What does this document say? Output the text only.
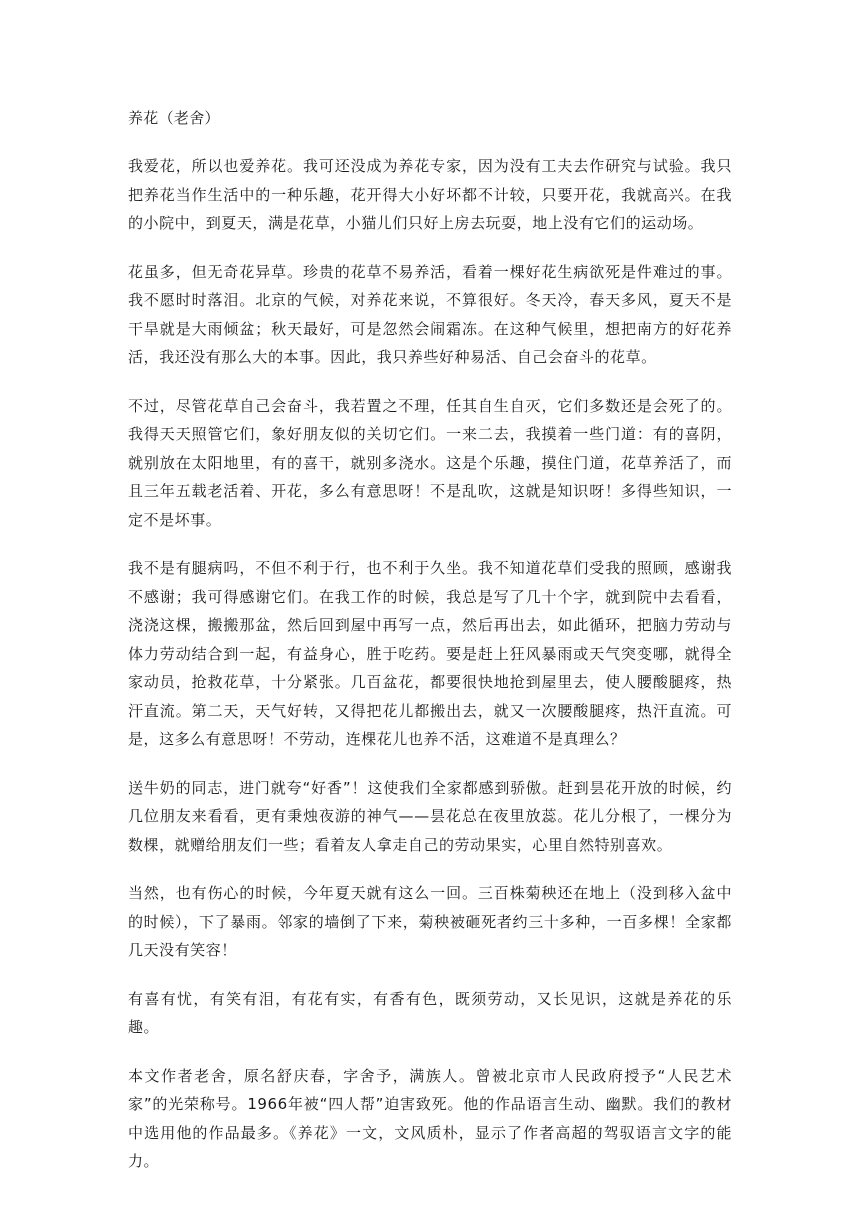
养花（老舍）

我爱花，所以也爱养花。我可还没成为养花专家，因为没有工夫去作研究与试验。我只把养花当作生活中的一种乐趣，花开得大小好坏都不计较，只要开花，我就高兴。在我的小院中，到夏天，满是花草，小猫儿们只好上房去玩耍，地上没有它们的运动场。

花虽多，但无奇花异草。珍贵的花草不易养活，看着一棵好花生病欲死是件难过的事。我不愿时时落泪。北京的气候，对养花来说，不算很好。冬天冷，春天多风，夏天不是干旱就是大雨倾盆；秋天最好，可是忽然会闹霜冻。在这种气候里，想把南方的好花养活，我还没有那么大的本事。因此，我只养些好种易活、自己会奋斗的花草。

不过，尽管花草自己会奋斗，我若置之不理，任其自生自灭，它们多数还是会死了的。我得天天照管它们，象好朋友似的关切它们。一来二去，我摸着一些门道：有的喜阴，就别放在太阳地里，有的喜干，就别多浇水。这是个乐趣，摸住门道，花草养活了，而且三年五载老活着、开花，多么有意思呀！不是乱吹，这就是知识呀！多得些知识，一定不是坏事。

我不是有腿病吗，不但不利于行，也不利于久坐。我不知道花草们受我的照顾，感谢我不感谢；我可得感谢它们。在我工作的时候，我总是写了几十个字，就到院中去看看，浇浇这棵，搬搬那盆，然后回到屋中再写一点，然后再出去，如此循环，把脑力劳动与体力劳动结合到一起，有益身心，胜于吃药。要是赶上狂风暴雨或天气突变哪，就得全家动员，抢救花草，十分紧张。几百盆花，都要很快地抢到屋里去，使人腰酸腿疼，热汗直流。第二天，天气好转，又得把花儿都搬出去，就又一次腰酸腿疼，热汗直流。可是，这多么有意思呀！不劳动，连棵花儿也养不活，这难道不是真理么？

送牛奶的同志，进门就夸“好香”！这使我们全家都感到骄傲。赶到昙花开放的时候，约几位朋友来看看，更有秉烛夜游的神气——昙花总在夜里放蕊。花儿分根了，一棵分为数棵，就赠给朋友们一些；看着友人拿走自己的劳动果实，心里自然特别喜欢。

当然，也有伤心的时候，今年夏天就有这么一回。三百株菊秧还在地上（没到移入盆中的时候），下了暴雨。邻家的墙倒了下来，菊秧被砸死者约三十多种，一百多棵！全家都几天没有笑容！

有喜有忧，有笑有泪，有花有实，有香有色，既须劳动，又长见识，这就是养花的乐趣。

本文作者老舍，原名舒庆春，字舍予，满族人。曾被北京市人民政府授予“人民艺术家”的光荣称号。1966年被“四人帮”迫害致死。他的作品语言生动、幽默。我们的教材中选用他的作品最多。《养花》一文，文风质朴，显示了作者高超的驾驭语言文字的能力。
